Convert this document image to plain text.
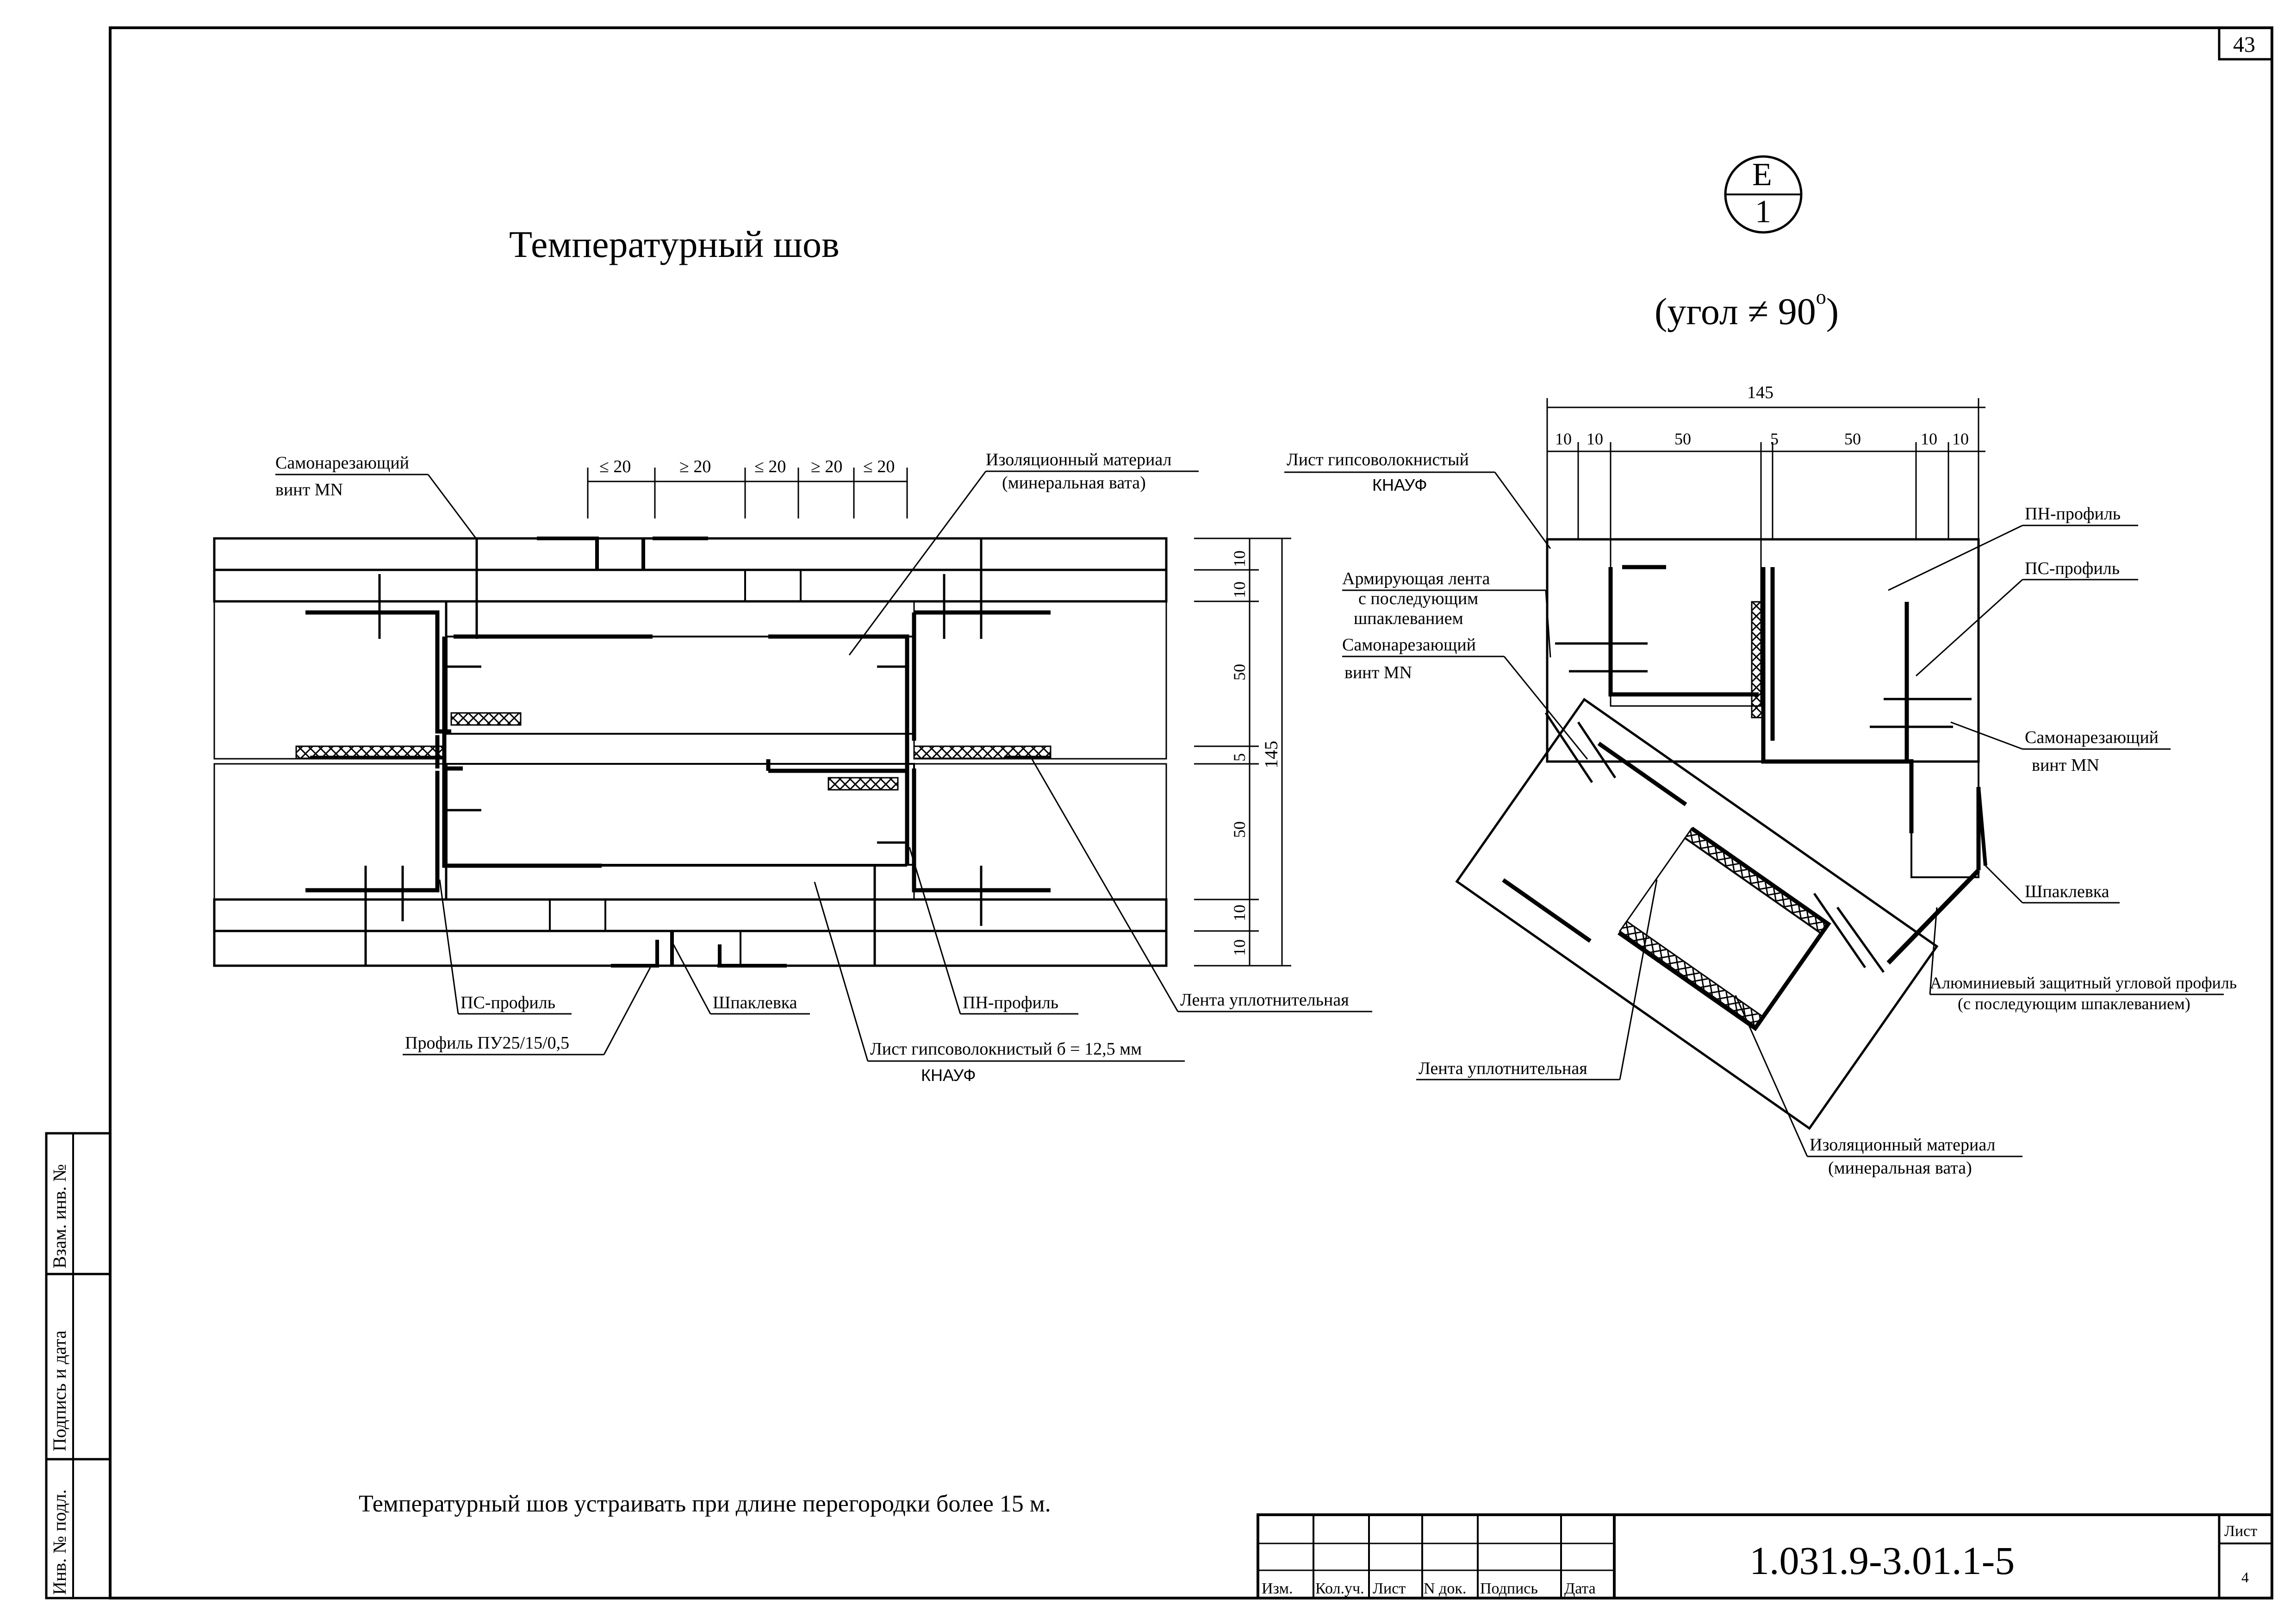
Взам. инв. №
Подпись и дата
Инв. № подл.
43
Изм. Кол.уч. Лист N док. Подпись Дата
1.031.9-3.01.1-5
Лист
4
Температурный шов
≤ 20	≥ 20 ≤ 20 ≥ 20 ≤ 20
10
10
50
5
50
10
10
145
Самонарезающий
винт MN
Изоляционный материал
(минеральная вата)
ПС-профиль
Профиль ПУ25/15/0,5
Шпаклевка	ПН-профиль	Лента уплотнительная
Лист гипсоволокнистый б = 12,5 мм
КНАУФ
Е
1
(угол ≠ $90^o$)
145
10 10	50	5	50	10 10
Лист гипсоволокнистый
КНАУФ
Армирующая лента
с последующим
шпаклеванием
Самонарезающий
винт MN
ПН-профиль
ПС-профиль
Самонарезающий
винт MN
Шпаклевка
Алюминиевый защитный угловой профиль
(с последующим шпаклеванием)
Лента уплотнительная
Изоляционный материал
(минеральная вата)
Температурный шов устраивать при длине перегородки более 15 м.
